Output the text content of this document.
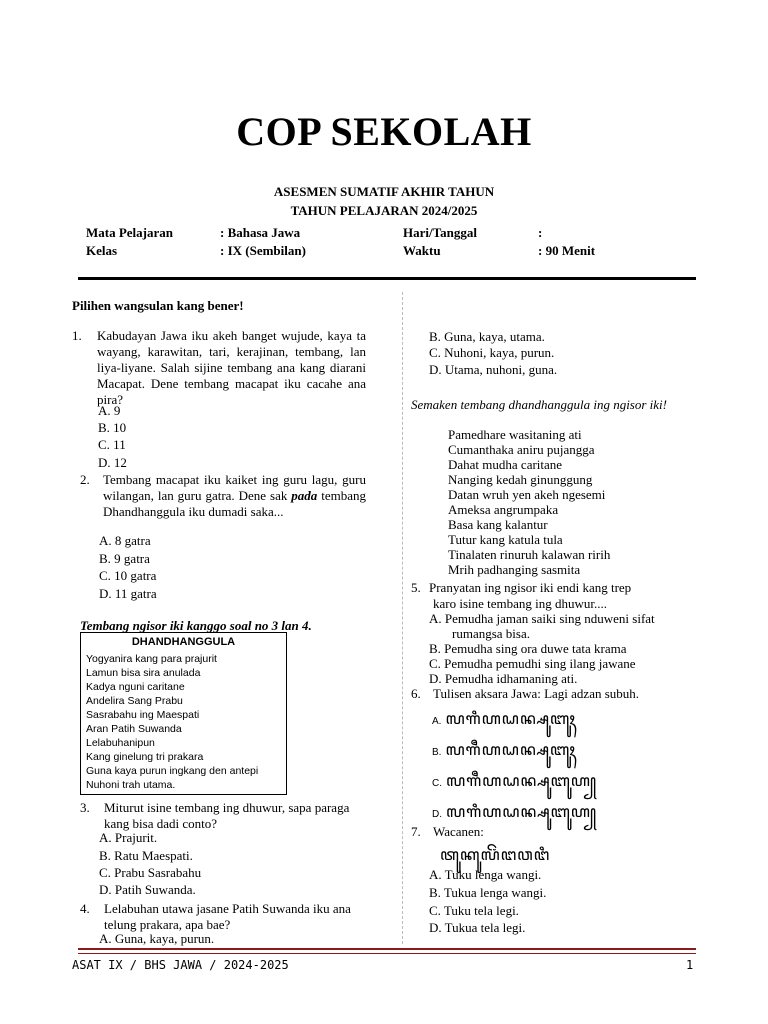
COP SEKOLAH
ASESMEN SUMATIF AKHIR TAHUN
TAHUN PELAJARAN 2024/2025
Mata Pelajaran	: Bahasa Jawa	Hari/Tanggal	:
Kelas	: IX (Sembilan)	Waktu	: 90 Menit
Pilihen wangsulan kang bener!
1. Kabudayan Jawa iku akeh banget wujude, kaya ta wayang, karawitan, tari, kerajinan, tembang, lan liya-liyane. Salah sijine tembang ana kang diarani Macapat. Dene tembang macapat iku cacahe ana pira?
A. 9
B. 10
C. 11
D. 12
2. Tembang macapat iku kaiket ing guru lagu, guru wilangan, lan guru gatra. Dene sak pada tembang Dhandhanggula iku dumadi saka...
A. 8 gatra
B. 9 gatra
C. 10 gatra
D. 11 gatra
Tembang ngisor iki kanggo soal no 3 lan 4.
DHANDHANGGULA
Yogyanira kang para prajurit
Lamun bisa sira anulada
Kadya nguni caritane
Andelira Sang Prabu
Sasrabahu ing Maespati
Aran Patih Suwanda
Lelabuhanipun
Kang ginelung tri prakara
Guna kaya purun ingkang den antepi
Nuhoni trah utama.
3. Miturut isine tembang ing dhuwur, sapa paraga kang bisa dadi conto?
A. Prajurit.
B. Ratu Maespati.
C. Prabu Sasrabahu
D. Patih Suwanda.
4. Lelabuhan utawa jasane Patih Suwanda iku ana telung prakara, apa bae?
A. Guna, kaya, purun.
B. Guna, kaya, utama.
C. Nuhoni, kaya, purun.
D. Utama, nuhoni, guna.
Semaken tembang dhandhanggula ing ngisor iki!
Pamedhare wasitaning ati
Cumanthaka aniru pujangga
Dahat mudha caritane
Nanging kedah ginunggung
Datan wruh yen akeh ngesemi
Ameksa angrumpaka
Basa kang kalantur
Tutur kang katula tula
Tinalaten rinuruh kalawan ririh
Mrih padhanging sasmita
5. Pranyatan ing ngisor iki endi kang trep
karo isine tembang ing dhuwur....
A. Pemudha jaman saiki sing nduweni sifat
rumangsa bisa.
B. Pemudha sing ora duwe tata krama
C. Pemudha pemudhi sing ilang jawane
D. Pemudha idhamaning ati.
6. Tulisen aksara Jawa: Lagi adzan subuh.
A. ꦭꦒꦶꦲꦝꦤ꧀ꦱꦸꦧꦸꦃ
B. ꦭꦒꦷꦲꦝꦤ꧀ꦱꦸꦧꦸꦃ
C. ꦭꦒꦷꦲꦝꦤ꧀ꦱꦸꦧꦸꦲ꧀
D. ꦭꦒꦶꦲꦝꦤ꧀ꦱꦸꦧꦸꦲ꧀
7. Wacanen:
ꦠꦸꦏꦸꦭꦼꦁꦔꦮꦔꦶ
A. Tuku lenga wangi.
B. Tukua lenga wangi.
C. Tuku tela legi.
D. Tukua tela legi.
ASAT IX / BHS JAWA / 2024-2025	1
